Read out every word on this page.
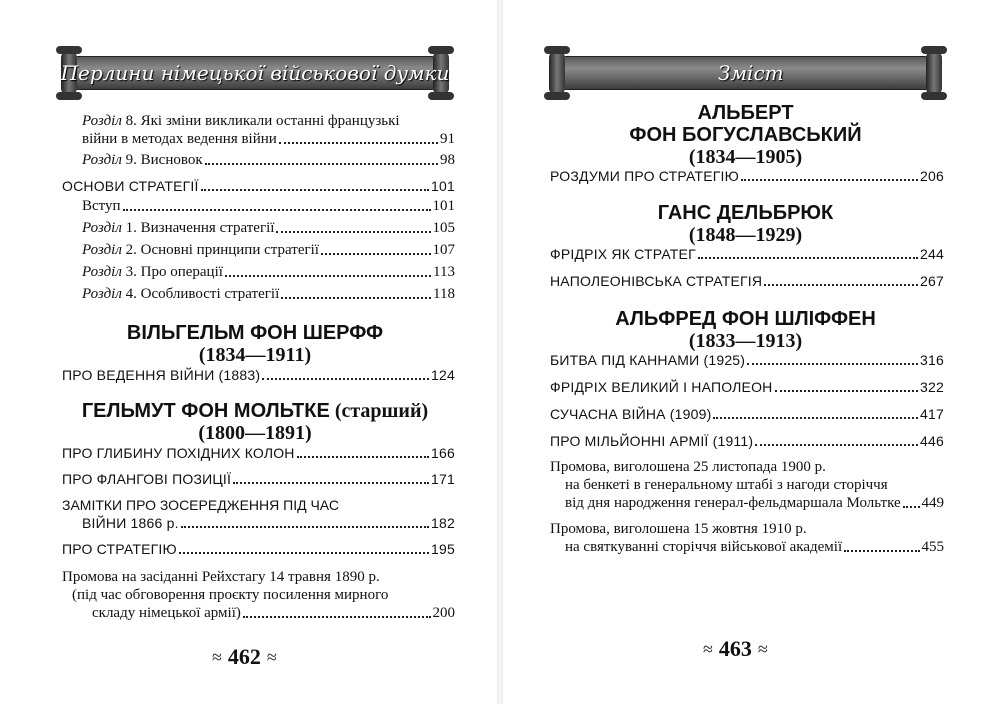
Перлини німецької військової думки
Розділ 8. Які зміни викликали останні французькі
війни в методах ведення війни	91
Розділ 9. Висновок	98
ОСНОВИ СТРАТЕГІЇ	101
Вступ	101
Розділ 1. Визначення стратегії	105
Розділ 2. Основні принципи стратегії	107
Розділ 3. Про операції	113
Розділ 4. Особливості стратегії	118
ВІЛЬГЕЛЬМ ФОН ШЕРФФ
(1834—1911)
ПРО ВЕДЕННЯ ВІЙНИ (1883)	124
ГЕЛЬМУТ ФОН МОЛЬТКЕ (старший)
(1800—1891)
ПРО ГЛИБИНУ ПОХІДНИХ КОЛОН	166
ПРО ФЛАНГОВІ ПОЗИЦІЇ	171
ЗАМІТКИ ПРО ЗОСЕРЕДЖЕННЯ ПІД ЧАС
ВІЙНИ 1866 р.	182
ПРО СТРАТЕГІЮ	195
Промова на засіданні Рейхстагу 14 травня 1890 р.
(під час обговорення проєкту посилення мирного
складу німецької армії)	200
≈ 462 ≈
Зміст
АЛЬБЕРТ
ФОН БОГУСЛАВСЬКИЙ
(1834—1905)
РОЗДУМИ ПРО СТРАТЕГІЮ	206
ГАНС ДЕЛЬБРЮК
(1848—1929)
ФРІДРІХ ЯК СТРАТЕГ	244
НАПОЛЕОНІВСЬКА СТРАТЕГІЯ	267
АЛЬФРЕД ФОН ШЛІФФЕН
(1833—1913)
БИТВА ПІД КАННАМИ (1925)	316
ФРІДРІХ ВЕЛИКИЙ І НАПОЛЕОН	322
СУЧАСНА ВІЙНА (1909)	417
ПРО МІЛЬЙОННІ АРМІЇ (1911)	446
Промова, виголошена 25 листопада 1900 р.
на бенкеті в генеральному штабі з нагоди сторіччя
від дня народження генерал-фельдмаршала Мольтке 449
Промова, виголошена 15 жовтня 1910 р.
на святкуванні сторіччя військової академії	455
≈ 463 ≈
